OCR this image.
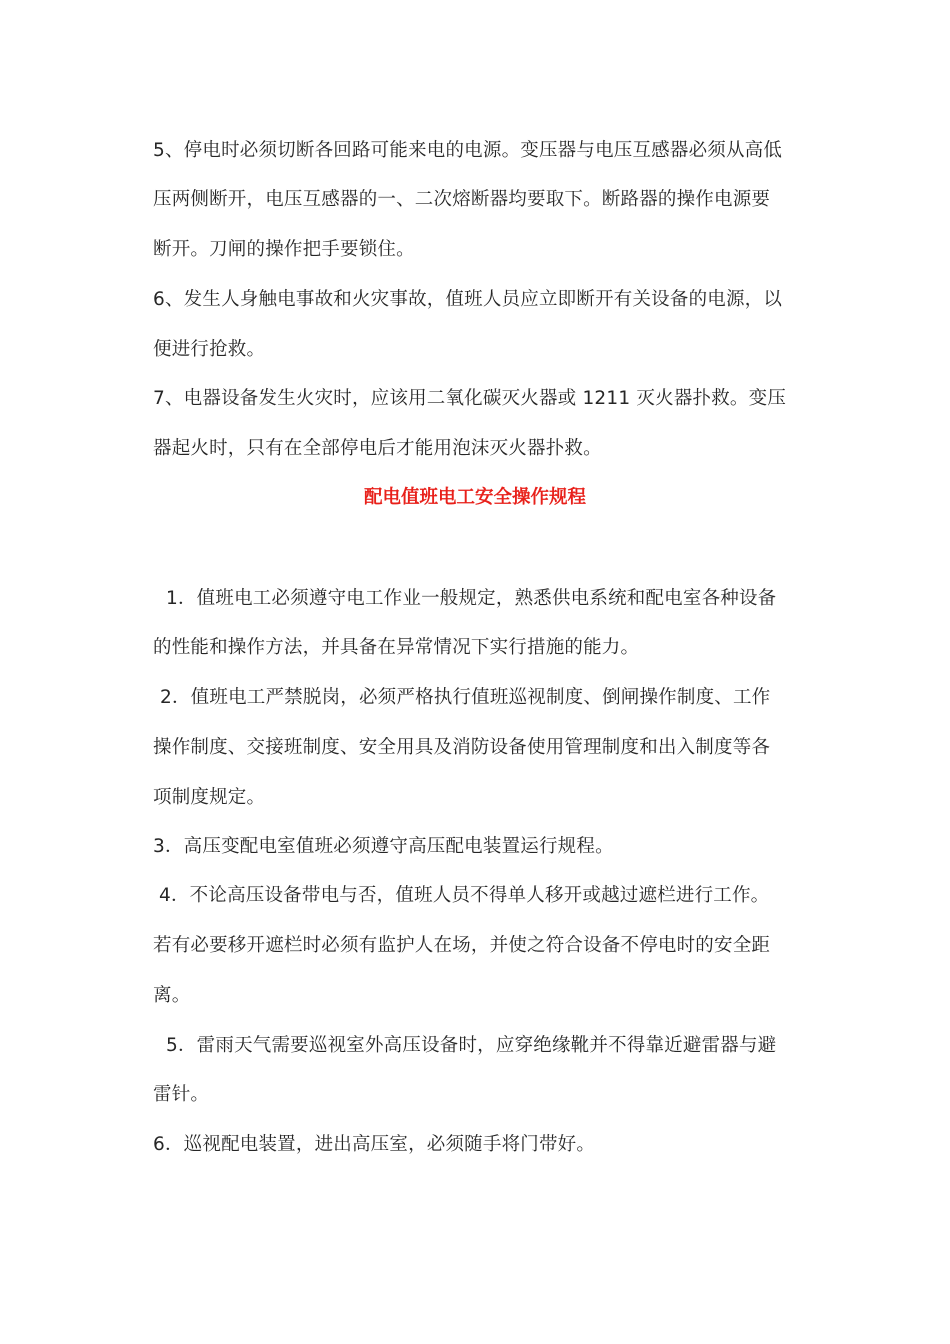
5、停电时必须切断各回路可能来电的电源。变压器与电压互感器必须从高低
压两侧断开，电压互感器的一、二次熔断器均要取下。断路器的操作电源要
断开。刀闸的操作把手要锁住。
6、发生人身触电事故和火灾事故，值班人员应立即断开有关设备的电源，以
便进行抢救。
7、电器设备发生火灾时，应该用二氧化碳灭火器或 1211 灭火器扑救。变压
器起火时，只有在全部停电后才能用泡沫灭火器扑救。
配电值班电工安全操作规程
1．值班电工必须遵守电工作业一般规定，熟悉供电系统和配电室各种设备
的性能和操作方法，并具备在异常情况下实行措施的能力。
2．值班电工严禁脱岗，必须严格执行值班巡视制度、倒闸操作制度、工作
操作制度、交接班制度、安全用具及消防设备使用管理制度和出入制度等各
项制度规定。
3．高压变配电室值班必须遵守高压配电装置运行规程。
4．不论高压设备带电与否，值班人员不得单人移开或越过遮栏进行工作。
若有必要移开遮栏时必须有监护人在场，并使之符合设备不停电时的安全距
离。
5．雷雨天气需要巡视室外高压设备时，应穿绝缘靴并不得靠近避雷器与避
雷针。
6．巡视配电装置，进出高压室，必须随手将门带好。
